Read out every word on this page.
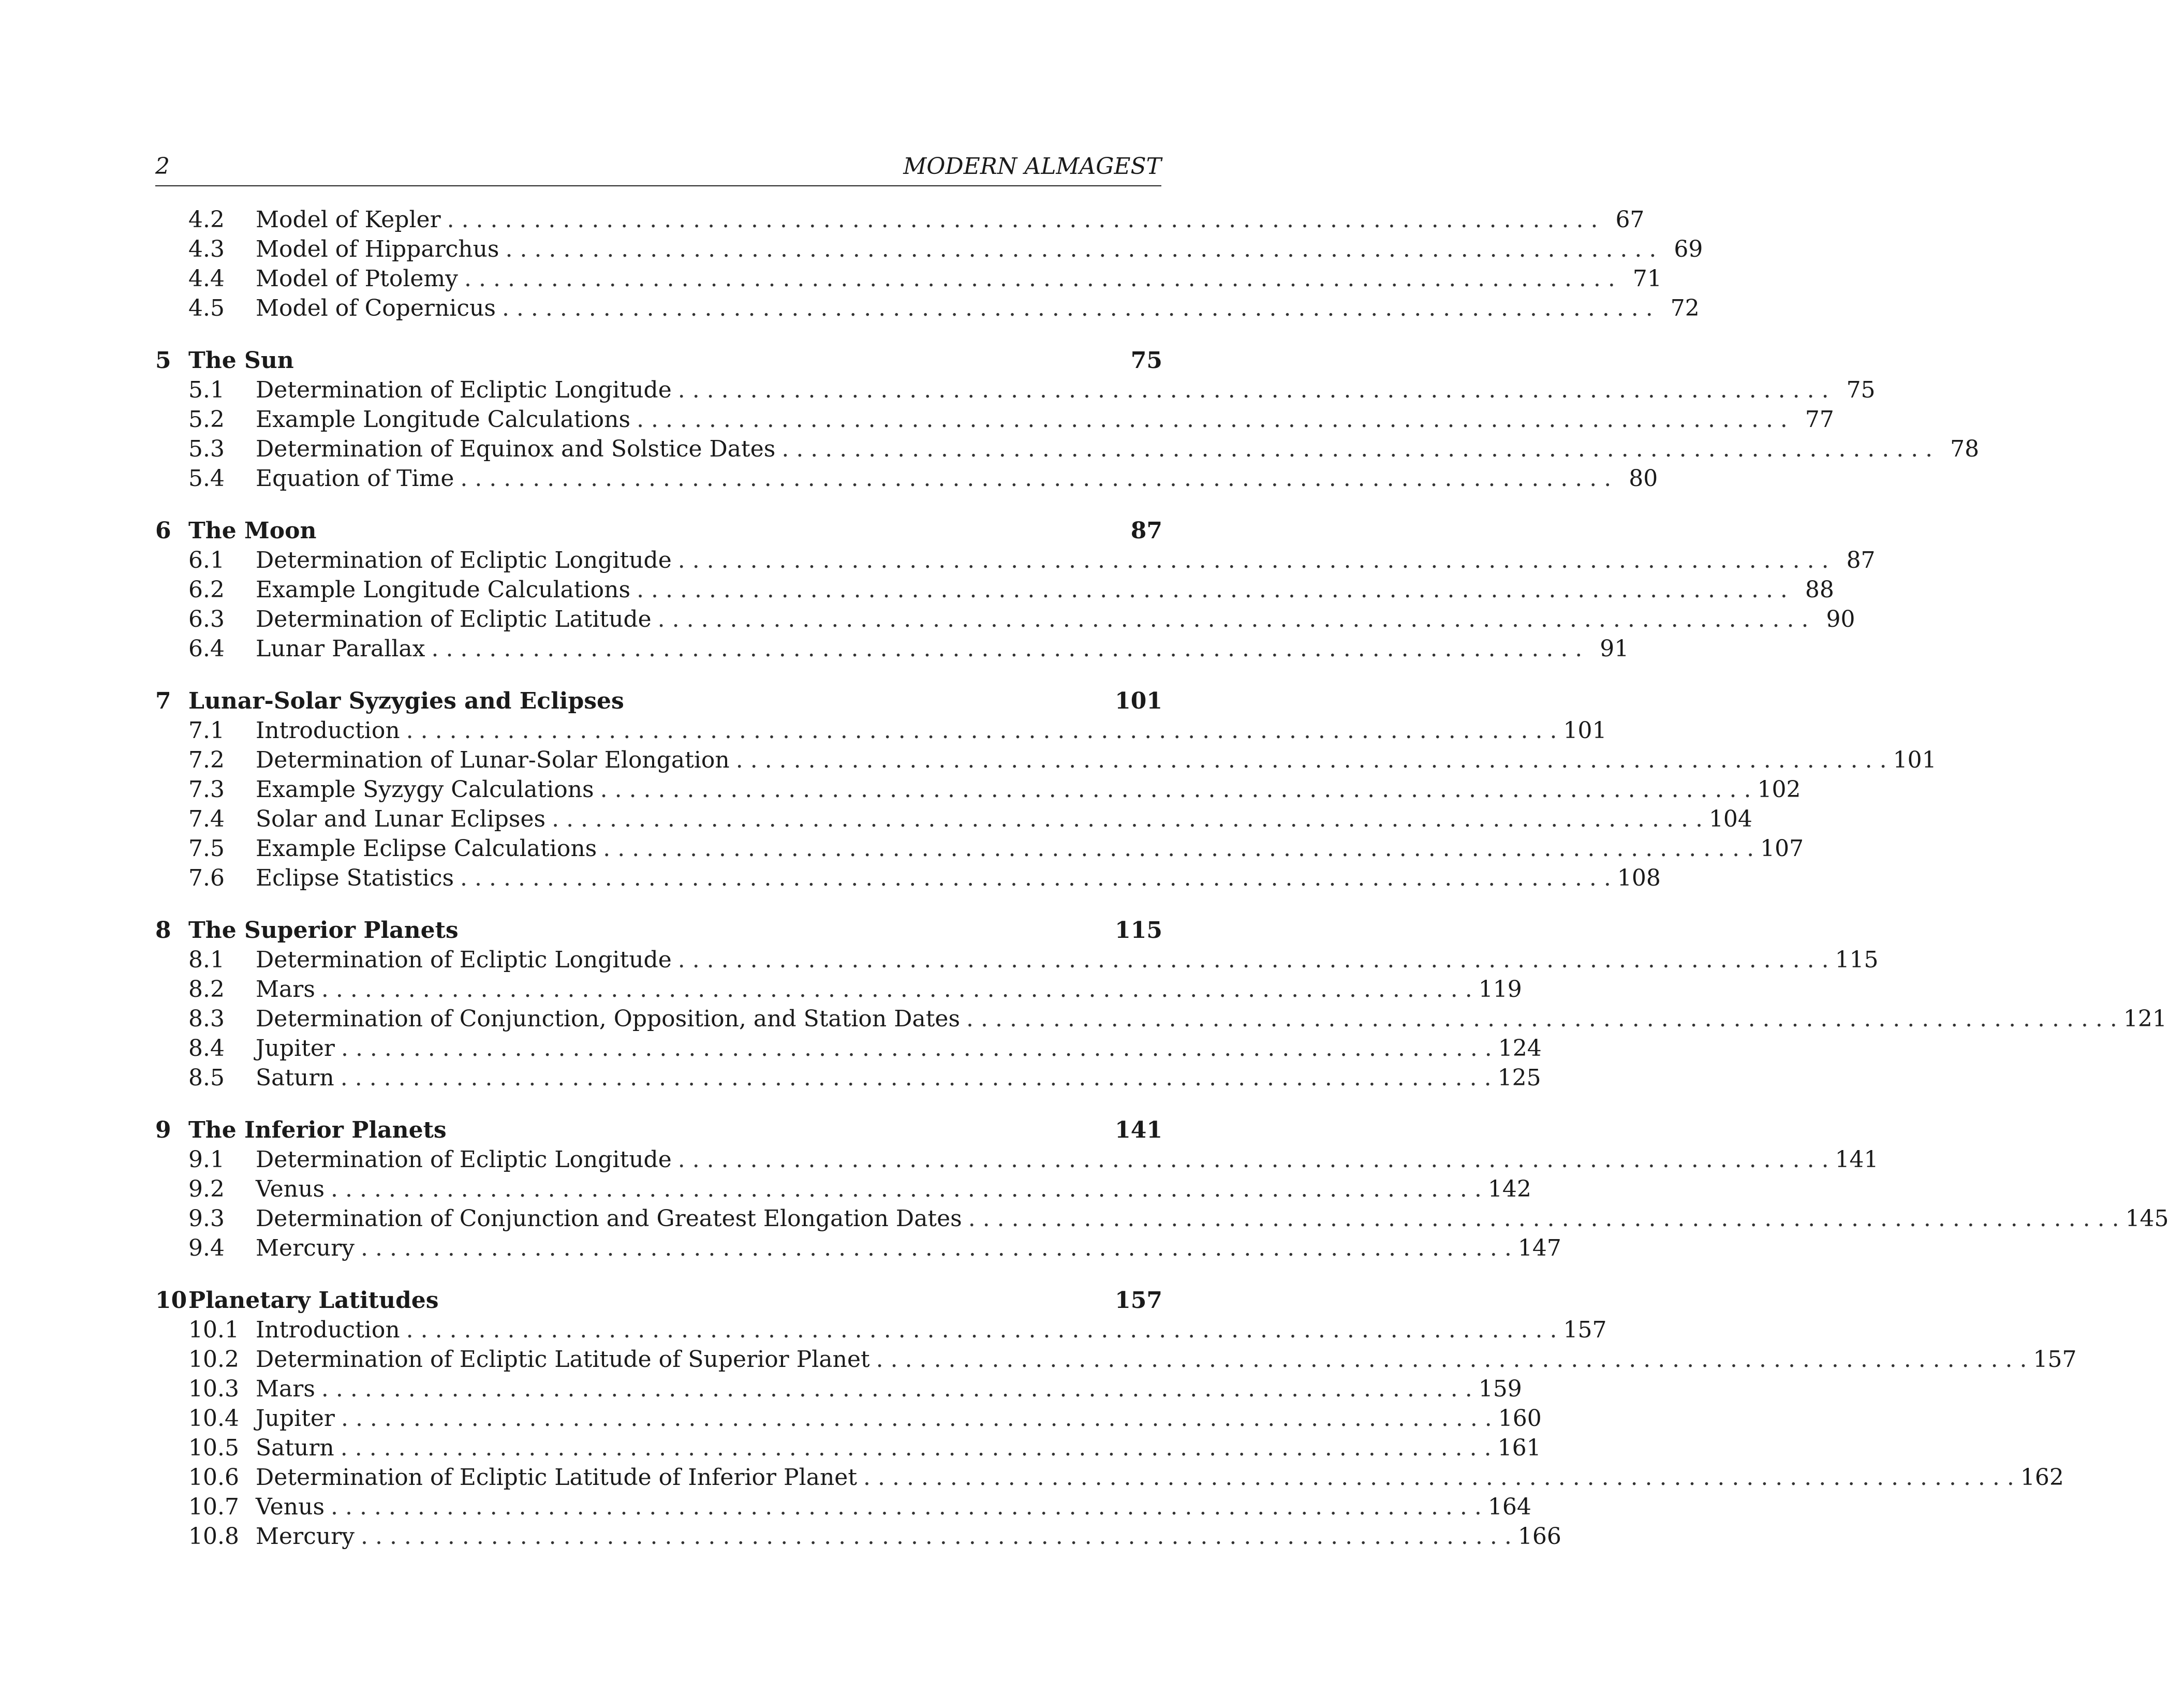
2	MODERN ALMAGEST
4.2	Model of Kepler . . . . . . . . . . . . . . . . . . . . . . . . . . . . . . . . . . . . . . . . . . . . . . . . . . . . . . . . . . . . . . . . . . . . . . . . . . . . . . . . 67
4.3	Model of Hipparchus . . . . . . . . . . . . . . . . . . . . . . . . . . . . . . . . . . . . . . . . . . . . . . . . . . . . . . . . . . . . . . . . . . . . . . . . . . . . . . . . 69
4.4	Model of Ptolemy . . . . . . . . . . . . . . . . . . . . . . . . . . . . . . . . . . . . . . . . . . . . . . . . . . . . . . . . . . . . . . . . . . . . . . . . . . . . . . . . 71
4.5	Model of Copernicus . . . . . . . . . . . . . . . . . . . . . . . . . . . . . . . . . . . . . . . . . . . . . . . . . . . . . . . . . . . . . . . . . . . . . . . . . . . . . . . . 72
5 The Sun	75
5.1	Determination of Ecliptic Longitude . . . . . . . . . . . . . . . . . . . . . . . . . . . . . . . . . . . . . . . . . . . . . . . . . . . . . . . . . . . . . . . . . . . . . . . . . . . . . . . . 75
5.2	Example Longitude Calculations . . . . . . . . . . . . . . . . . . . . . . . . . . . . . . . . . . . . . . . . . . . . . . . . . . . . . . . . . . . . . . . . . . . . . . . . . . . . . . . . 77
5.3	Determination of Equinox and Solstice Dates . . . . . . . . . . . . . . . . . . . . . . . . . . . . . . . . . . . . . . . . . . . . . . . . . . . . . . . . . . . . . . . . . . . . . . . . . . . . . . . . 78
5.4	Equation of Time . . . . . . . . . . . . . . . . . . . . . . . . . . . . . . . . . . . . . . . . . . . . . . . . . . . . . . . . . . . . . . . . . . . . . . . . . . . . . . . . 80
6 The Moon	87
6.1	Determination of Ecliptic Longitude . . . . . . . . . . . . . . . . . . . . . . . . . . . . . . . . . . . . . . . . . . . . . . . . . . . . . . . . . . . . . . . . . . . . . . . . . . . . . . . . 87
6.2	Example Longitude Calculations . . . . . . . . . . . . . . . . . . . . . . . . . . . . . . . . . . . . . . . . . . . . . . . . . . . . . . . . . . . . . . . . . . . . . . . . . . . . . . . . 88
6.3	Determination of Ecliptic Latitude . . . . . . . . . . . . . . . . . . . . . . . . . . . . . . . . . . . . . . . . . . . . . . . . . . . . . . . . . . . . . . . . . . . . . . . . . . . . . . . . 90
6.4	Lunar Parallax . . . . . . . . . . . . . . . . . . . . . . . . . . . . . . . . . . . . . . . . . . . . . . . . . . . . . . . . . . . . . . . . . . . . . . . . . . . . . . . . 91
7 Lunar-Solar Syzygies and Eclipses	101
7.1	Introduction . . . . . . . . . . . . . . . . . . . . . . . . . . . . . . . . . . . . . . . . . . . . . . . . . . . . . . . . . . . . . . . . . . . . . . . . . . . . . . . . 101
7.2	Determination of Lunar-Solar Elongation . . . . . . . . . . . . . . . . . . . . . . . . . . . . . . . . . . . . . . . . . . . . . . . . . . . . . . . . . . . . . . . . . . . . . . . . . . . . . . . . 101
7.3	Example Syzygy Calculations . . . . . . . . . . . . . . . . . . . . . . . . . . . . . . . . . . . . . . . . . . . . . . . . . . . . . . . . . . . . . . . . . . . . . . . . . . . . . . . . 102
7.4	Solar and Lunar Eclipses . . . . . . . . . . . . . . . . . . . . . . . . . . . . . . . . . . . . . . . . . . . . . . . . . . . . . . . . . . . . . . . . . . . . . . . . . . . . . . . . 104
7.5	Example Eclipse Calculations . . . . . . . . . . . . . . . . . . . . . . . . . . . . . . . . . . . . . . . . . . . . . . . . . . . . . . . . . . . . . . . . . . . . . . . . . . . . . . . . 107
7.6	Eclipse Statistics . . . . . . . . . . . . . . . . . . . . . . . . . . . . . . . . . . . . . . . . . . . . . . . . . . . . . . . . . . . . . . . . . . . . . . . . . . . . . . . . 108
8 The Superior Planets	115
8.1	Determination of Ecliptic Longitude . . . . . . . . . . . . . . . . . . . . . . . . . . . . . . . . . . . . . . . . . . . . . . . . . . . . . . . . . . . . . . . . . . . . . . . . . . . . . . . . 115
8.2	Mars . . . . . . . . . . . . . . . . . . . . . . . . . . . . . . . . . . . . . . . . . . . . . . . . . . . . . . . . . . . . . . . . . . . . . . . . . . . . . . . . 119
8.3	Determination of Conjunction, Opposition, and Station Dates . . . . . . . . . . . . . . . . . . . . . . . . . . . . . . . . . . . . . . . . . . . . . . . . . . . . . . . . . . . . . . . . . . . . . . . . . . . . . . . . 121
8.4	Jupiter . . . . . . . . . . . . . . . . . . . . . . . . . . . . . . . . . . . . . . . . . . . . . . . . . . . . . . . . . . . . . . . . . . . . . . . . . . . . . . . . 124
8.5	Saturn . . . . . . . . . . . . . . . . . . . . . . . . . . . . . . . . . . . . . . . . . . . . . . . . . . . . . . . . . . . . . . . . . . . . . . . . . . . . . . . . 125
9 The Inferior Planets	141
9.1	Determination of Ecliptic Longitude . . . . . . . . . . . . . . . . . . . . . . . . . . . . . . . . . . . . . . . . . . . . . . . . . . . . . . . . . . . . . . . . . . . . . . . . . . . . . . . . 141
9.2	Venus . . . . . . . . . . . . . . . . . . . . . . . . . . . . . . . . . . . . . . . . . . . . . . . . . . . . . . . . . . . . . . . . . . . . . . . . . . . . . . . . 142
9.3	Determination of Conjunction and Greatest Elongation Dates . . . . . . . . . . . . . . . . . . . . . . . . . . . . . . . . . . . . . . . . . . . . . . . . . . . . . . . . . . . . . . . . . . . . . . . . . . . . . . . . 145
9.4	Mercury . . . . . . . . . . . . . . . . . . . . . . . . . . . . . . . . . . . . . . . . . . . . . . . . . . . . . . . . . . . . . . . . . . . . . . . . . . . . . . . . 147
10 Planetary Latitudes	157
10.1 Introduction . . . . . . . . . . . . . . . . . . . . . . . . . . . . . . . . . . . . . . . . . . . . . . . . . . . . . . . . . . . . . . . . . . . . . . . . . . . . . . . . 157
10.2 Determination of Ecliptic Latitude of Superior Planet . . . . . . . . . . . . . . . . . . . . . . . . . . . . . . . . . . . . . . . . . . . . . . . . . . . . . . . . . . . . . . . . . . . . . . . . . . . . . . . . 157
10.3 Mars . . . . . . . . . . . . . . . . . . . . . . . . . . . . . . . . . . . . . . . . . . . . . . . . . . . . . . . . . . . . . . . . . . . . . . . . . . . . . . . . 159
10.4 Jupiter . . . . . . . . . . . . . . . . . . . . . . . . . . . . . . . . . . . . . . . . . . . . . . . . . . . . . . . . . . . . . . . . . . . . . . . . . . . . . . . . 160
10.5 Saturn . . . . . . . . . . . . . . . . . . . . . . . . . . . . . . . . . . . . . . . . . . . . . . . . . . . . . . . . . . . . . . . . . . . . . . . . . . . . . . . . 161
10.6 Determination of Ecliptic Latitude of Inferior Planet . . . . . . . . . . . . . . . . . . . . . . . . . . . . . . . . . . . . . . . . . . . . . . . . . . . . . . . . . . . . . . . . . . . . . . . . . . . . . . . . 162
10.7 Venus . . . . . . . . . . . . . . . . . . . . . . . . . . . . . . . . . . . . . . . . . . . . . . . . . . . . . . . . . . . . . . . . . . . . . . . . . . . . . . . . 164
10.8 Mercury . . . . . . . . . . . . . . . . . . . . . . . . . . . . . . . . . . . . . . . . . . . . . . . . . . . . . . . . . . . . . . . . . . . . . . . . . . . . . . . . 166
